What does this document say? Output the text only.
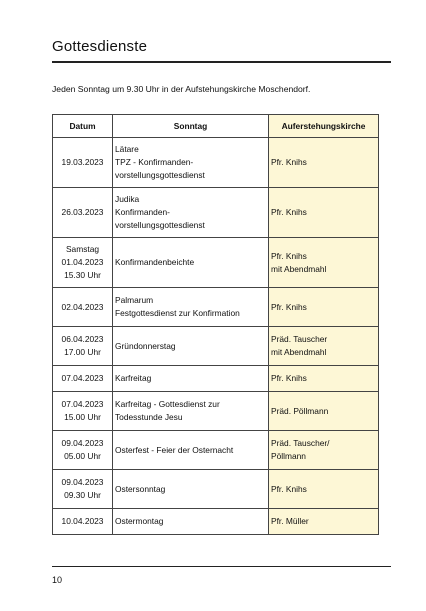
Gottesdienste
Jeden Sonntag um 9.30 Uhr in der Aufstehungskirche Moschendorf.
Datum	Sonntag	Auferstehungskirche
19.03.2023	Lätare
TPZ - Konfirmanden-
vorstellungsgottesdienst	Pfr. Knihs
26.03.2023	Judika
Konfirmanden-
vorstellungsgottesdienst	Pfr. Knihs
Samstag
01.04.2023
15.30 Uhr	Konfirmandenbeichte	Pfr. Knihs
mit Abendmahl
02.04.2023	Palmarum
Festgottesdienst zur Konfirmation	Pfr. Knihs
06.04.2023
17.00 Uhr	Gründonnerstag	Präd. Tauscher
mit Abendmahl
07.04.2023	Karfreitag	Pfr. Knihs
07.04.2023
15.00 Uhr	Karfreitag - Gottesdienst zur
Todesstunde Jesu	Präd. Pöllmann
09.04.2023
05.00 Uhr	Osterfest - Feier der Osternacht	Präd. Tauscher/
Pöllmann
09.04.2023
09.30 Uhr	Ostersonntag	Pfr. Knihs
10.04.2023	Ostermontag	Pfr. Müller
10
